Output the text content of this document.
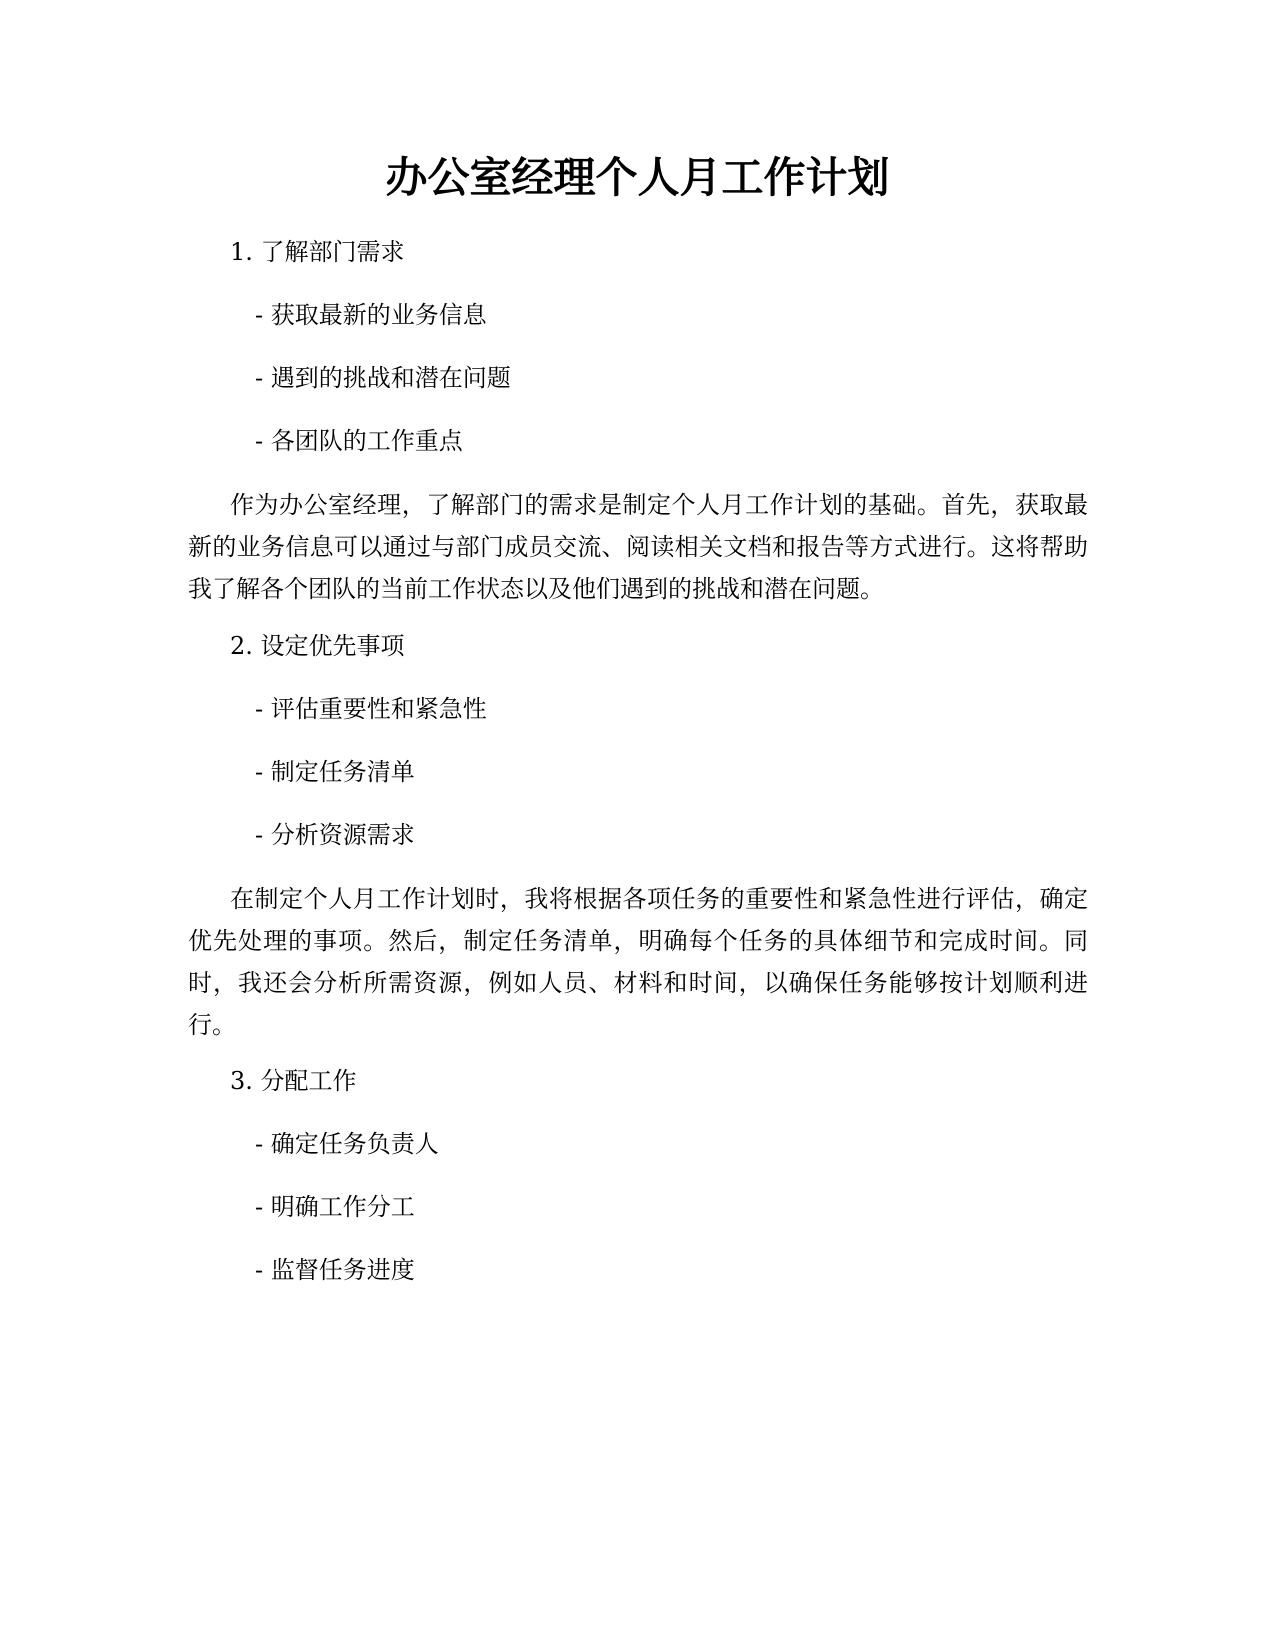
办公室经理个人月工作计划

1. 了解部门需求

- 获取最新的业务信息

- 遇到的挑战和潜在问题

- 各团队的工作重点

作为办公室经理，了解部门的需求是制定个人月工作计划的基础。首先，获取最新的业务信息可以通过与部门成员交流、阅读相关文档和报告等方式进行。这将帮助我了解各个团队的当前工作状态以及他们遇到的挑战和潜在问题。

2. 设定优先事项

- 评估重要性和紧急性

- 制定任务清单

- 分析资源需求

在制定个人月工作计划时，我将根据各项任务的重要性和紧急性进行评估，确定优先处理的事项。然后，制定任务清单，明确每个任务的具体细节和完成时间。同时，我还会分析所需资源，例如人员、材料和时间，以确保任务能够按计划顺利进行。

3. 分配工作

- 确定任务负责人

- 明确工作分工

- 监督任务进度
